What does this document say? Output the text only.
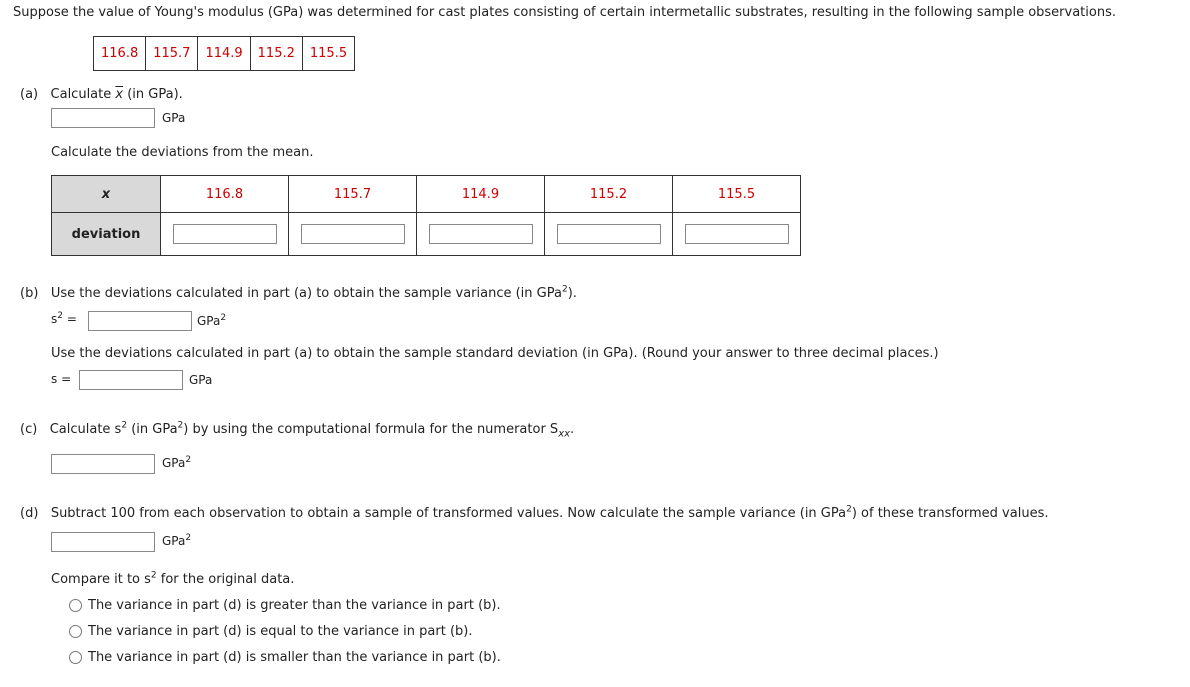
Suppose the value of Young's modulus (GPa) was determined for cast plates consisting of certain intermetallic substrates, resulting in the following sample observations.
116.8	115.7	114.9	115.2	115.5
(a) Calculate $\overline{x}$ (in GPa).
GPa
Calculate the deviations from the mean.
x	116.8	115.7	114.9	115.2	115.5
deviation	

(b) Use the deviations calculated in part (a) to obtain the sample variance (in GPa$^2$).
$s^2$ =	GPa$^2$
Use the deviations calculated in part (a) to obtain the sample standard deviation (in GPa). (Round your answer to three decimal places.)
s =	GPa
(c) Calculate $s^2$ (in GPa$^2$) by using the computational formula for the numerator $S_{xx}$.
GPa$^2$
(d) Subtract 100 from each observation to obtain a sample of transformed values. Now calculate the sample variance (in GPa$^2$) of these transformed values.
GPa$^2$
Compare it to $s^2$ for the original data.
The variance in part (d) is greater than the variance in part (b).
The variance in part (d) is equal to the variance in part (b).
The variance in part (d) is smaller than the variance in part (b).
